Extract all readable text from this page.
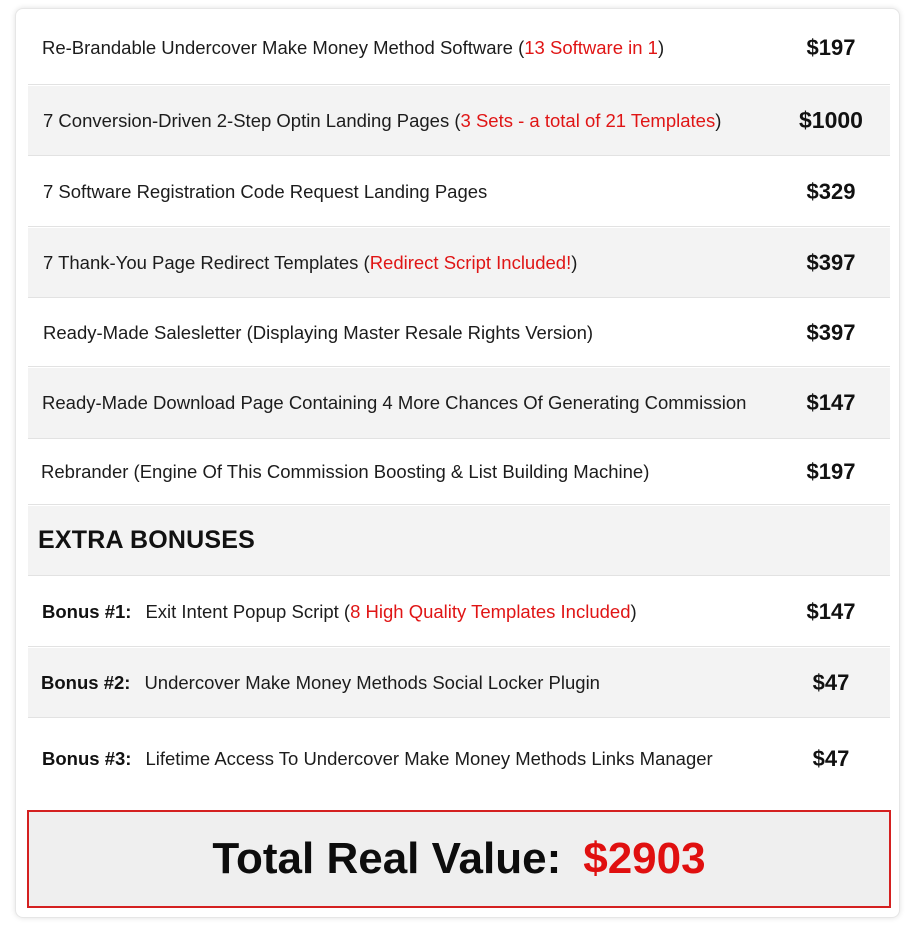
Re-Brandable Undercover Make Money Method Software ( 13 Software in 1 )	$197
7 Conversion-Driven 2-Step Optin Landing Pages ( 3 Sets - a total of 21 Templates )	$1000
7 Software Registration Code Request Landing Pages	$329
7 Thank-You Page Redirect Templates ( Redirect Script Included! )	$397
Ready-Made Salesletter (Displaying Master Resale Rights Version)	$397
Ready-Made Download Page Containing 4 More Chances Of Generating Commission	$147
Rebrander (Engine Of This Commission Boosting & List Building Machine)	$197
EXTRA BONUSES
Bonus #1: Exit Intent Popup Script ( 8 High Quality Templates Included )	$147
Bonus #2: Undercover Make Money Methods Social Locker Plugin	$47
Bonus #3: Lifetime Access To Undercover Make Money Methods Links Manager	$47
Total Real Value: $2903
